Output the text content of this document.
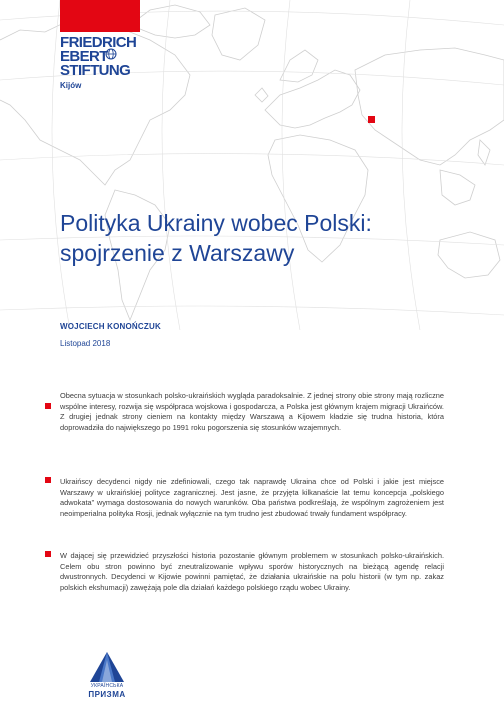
FRIEDRICH
EBERT
STIFTUNG
Kijów
Polityka Ukrainy wobec Polski: spojrzenie z Warszawy
WOJCIECH KONOŃCZUK
Listopad 2018

Obecna sytuacja w stosunkach polsko-ukraińskich wygląda paradoksalnie. Z jednej strony obie strony mają rozliczne wspólne interesy, rozwija się współpraca wojskowa i gospodarcza, a Polska jest głównym krajem migracji Ukraińców. Z drugiej jednak strony cieniem na kontakty między Warszawą a Kijowem kładzie się trudna historia, która doprowadziła do największego po 1991 roku pogorszenia się stosunków wzajemnych.

Ukraińscy decydenci nigdy nie zdefiniowali, czego tak naprawdę Ukraina chce od Polski i jakie jest miejsce Warszawy w ukraińskiej polityce zagranicznej. Jest jasne, że przyjęta kilkanaście lat temu koncepcja „polskiego adwokata” wymaga dostosowania do nowych warunków. Oba państwa podkreślają, że wspólnym zagrożeniem jest neoimperialna polityka Rosji, jednak wyłącznie na tym trudno jest zbudować trwały fundament współpracy.

W dającej się przewidzieć przyszłości historia pozostanie głównym problemem w stosunkach polsko-ukraińskich. Celem obu stron powinno być zneutralizowanie wpływu sporów historycznych na bieżącą agendę relacji dwustronnych. Decydenci w Kijowie powinni pamiętać, że działania ukraińskie na polu historii (w tym np. zakaz polskich ekshumacji) zawężają pole dla działań każdego polskiego rządu wobec Ukrainy.

УКРАЇНСЬКА
ПРИЗМА
